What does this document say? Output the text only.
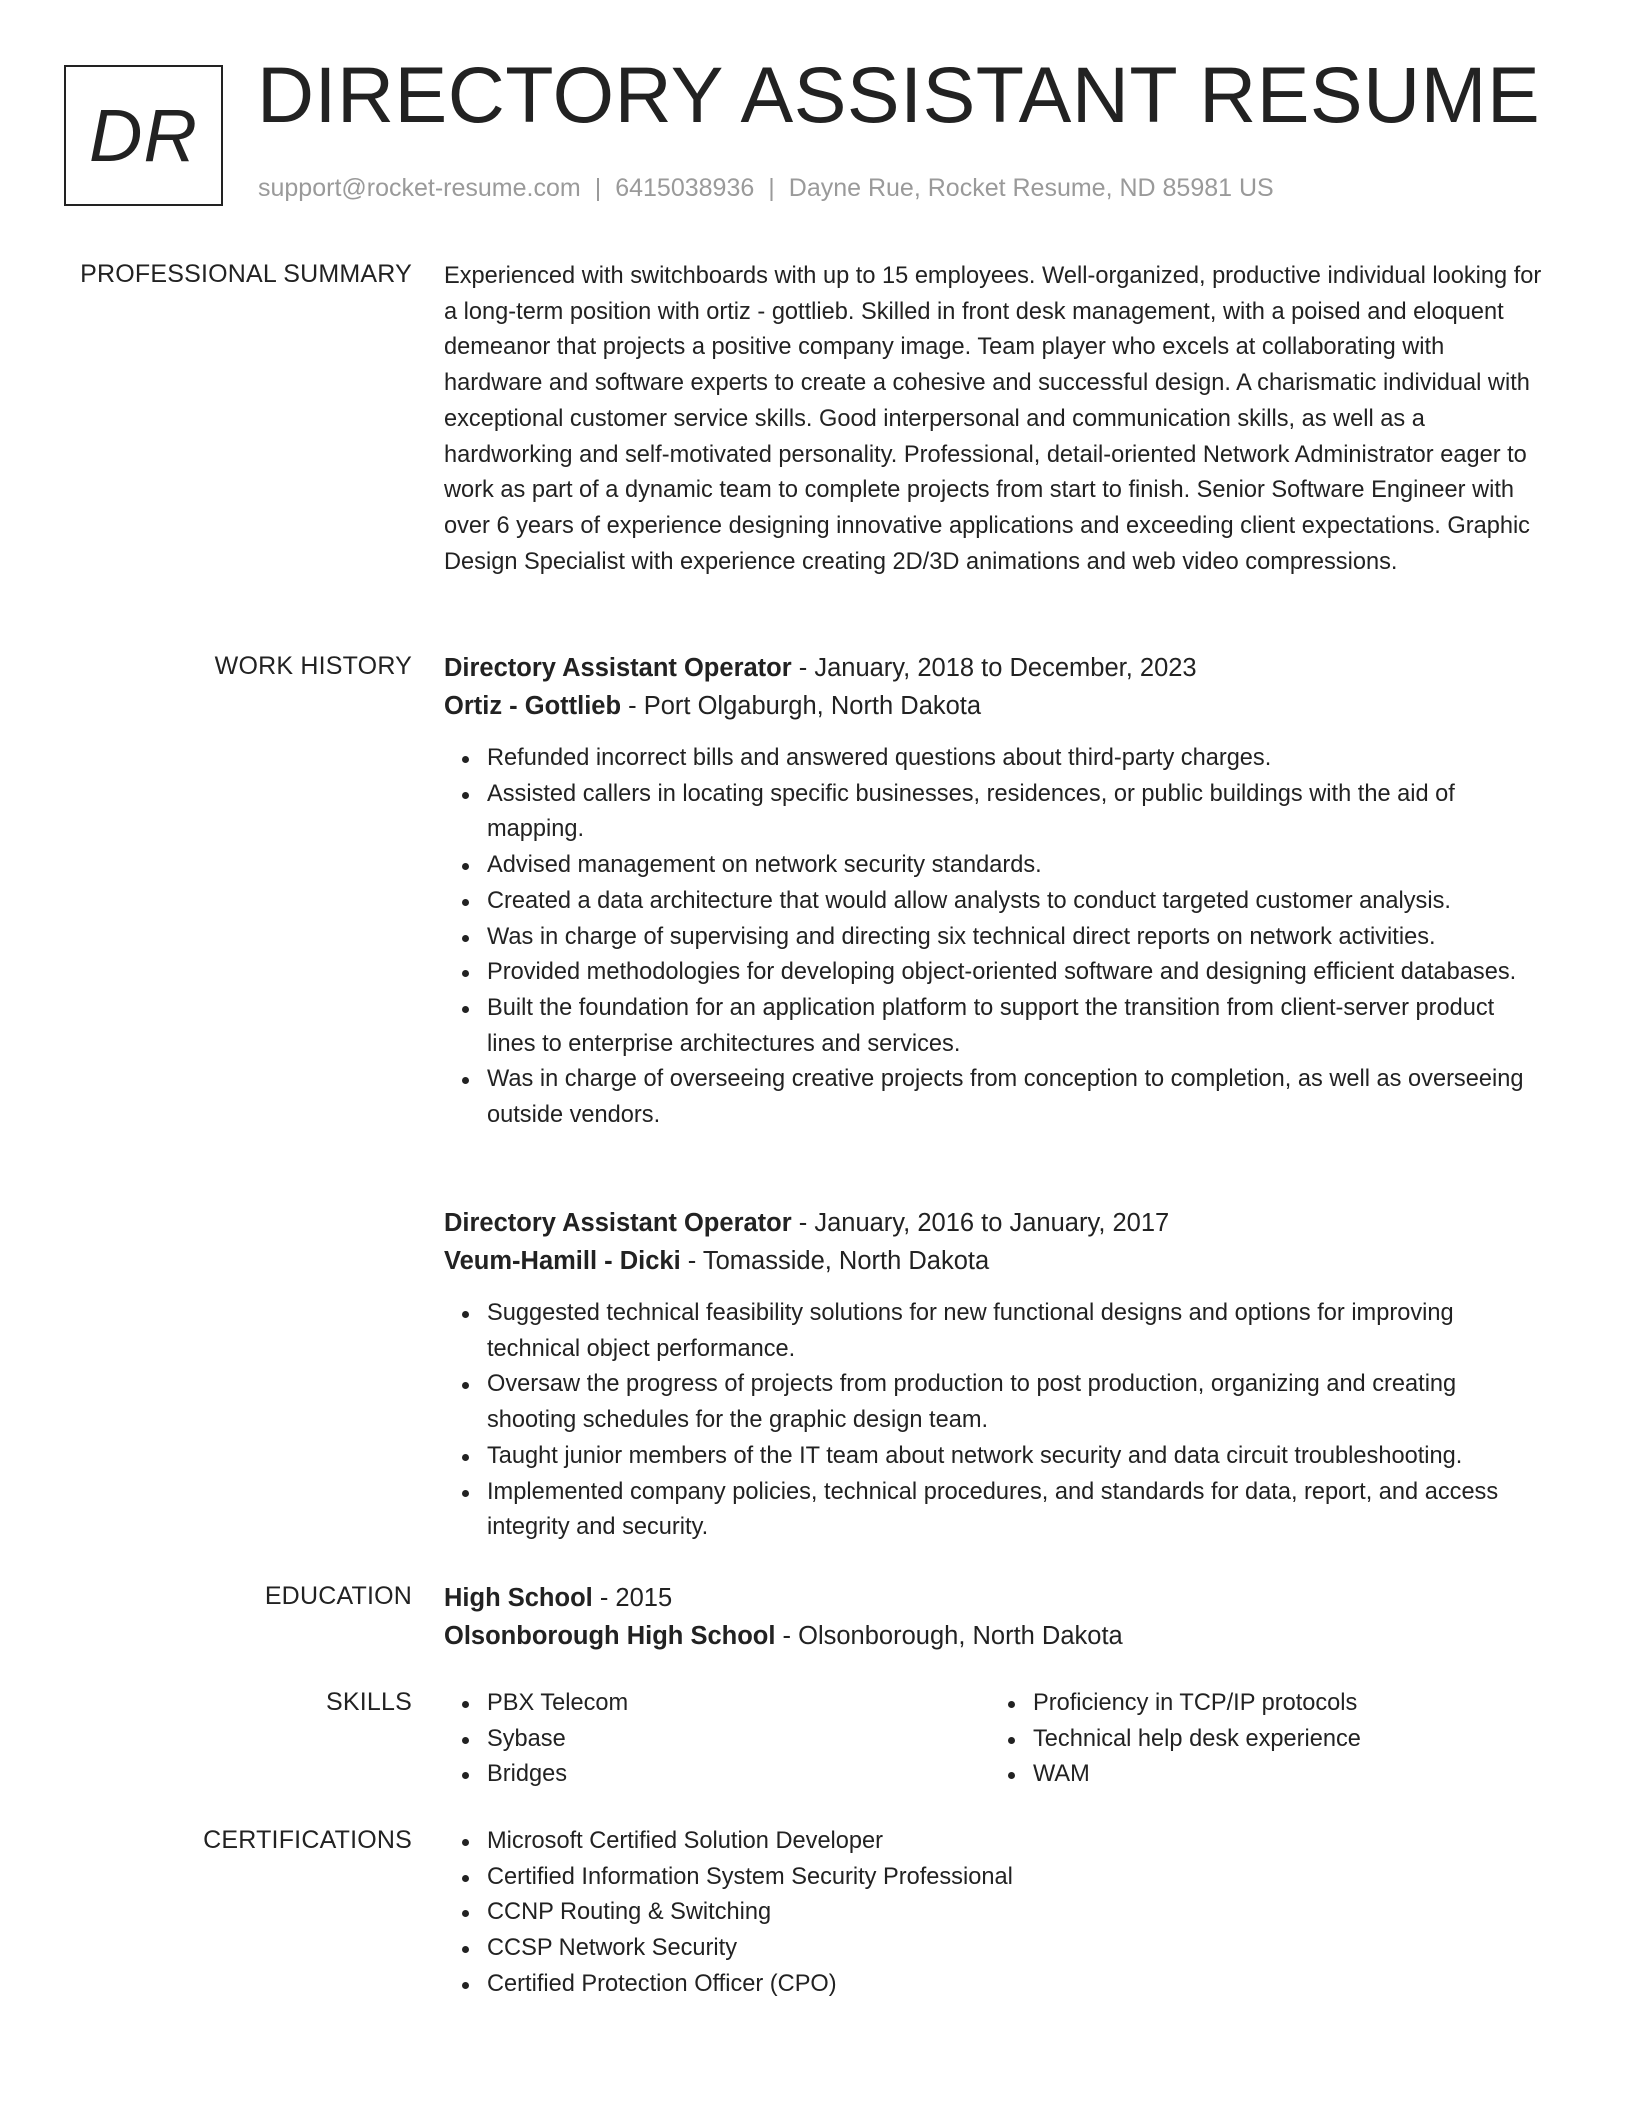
DR DIRECTORY ASSISTANT RESUME
support@rocket-resume.com | 6415038936 | Dayne Rue, Rocket Resume, ND 85981 US
PROFESSIONAL SUMMARY Experienced with switchboards with up to 15 employees. Well-organized, productive individual looking for a long-term position with ortiz - gottlieb. Skilled in front desk management, with a poised and eloquent demeanor that projects a positive company image. Team player who excels at collaborating with hardware and software experts to create a cohesive and successful design. A charismatic individual with exceptional customer service skills. Good interpersonal and communication skills, as well as a hardworking and self-motivated personality. Professional, detail-oriented Network Administrator eager to work as part of a dynamic team to complete projects from start to finish. Senior Software Engineer with over 6 years of experience designing innovative applications and exceeding client expectations. Graphic Design Specialist with experience creating 2D/3D animations and web video compressions.

WORK HISTORY Directory Assistant Operator - January, 2018 to December, 2023
Ortiz - Gottlieb - Port Olgaburgh, North Dakota
Refunded incorrect bills and answered questions about third-party charges.
Assisted callers in locating specific businesses, residences, or public buildings with the aid of mapping.
Advised management on network security standards.
Created a data architecture that would allow analysts to conduct targeted customer analysis.
Was in charge of supervising and directing six technical direct reports on network activities.
Provided methodologies for developing object-oriented software and designing efficient databases.
Built the foundation for an application platform to support the transition from client-server product lines to enterprise architectures and services.
Was in charge of overseeing creative projects from conception to completion, as well as overseeing outside vendors.
Directory Assistant Operator - January, 2016 to January, 2017
Veum-Hamill - Dicki - Tomasside, North Dakota
Suggested technical feasibility solutions for new functional designs and options for improving technical object performance.
Oversaw the progress of projects from production to post production, organizing and creating shooting schedules for the graphic design team.
Taught junior members of the IT team about network security and data circuit troubleshooting.
Implemented company policies, technical procedures, and standards for data, report, and access integrity and security.
EDUCATION High School - 2015
Olsonborough High School - Olsonborough, North Dakota
SKILLS	PBX Telecom
Sybase
Bridges
Proficiency in TCP/IP protocols
Technical help desk experience
WAM
CERTIFICATIONS	Microsoft Certified Solution Developer
Certified Information System Security Professional
CCNP Routing & Switching
CCSP Network Security
Certified Protection Officer (CPO)
